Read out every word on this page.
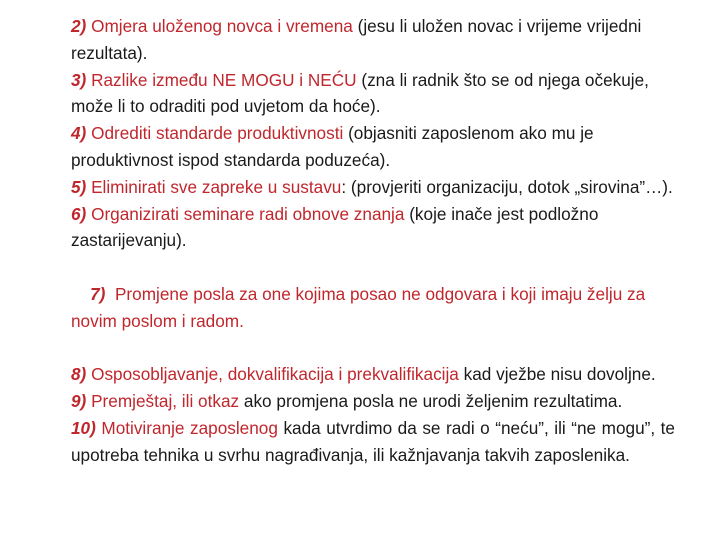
2) Omjera uloženog novca i vremena (jesu li uložen novac i vrijeme vrijedni rezultata).

3) Razlike između NE MOGU i NEĆU (zna li radnik što se od njega očekuje, može li to odraditi pod uvjetom da hoće).

4) Odrediti standarde produktivnosti (objasniti zaposlenom ako mu je produktivnost ispod standarda poduzeća).

5) Eliminirati sve zapreke u sustavu: (provjeriti organizaciju, dotok „sirovina”…).

6) Organizirati seminare radi obnove znanja (koje inače jest podložno zastarijevanju).

7)  Promjene posla za one kojima posao ne odgovara i koji imaju želju za novim poslom i radom.

8) Osposobljavanje, dokvalifikacija i prekvalifikacija kad vježbe nisu dovoljne.

9) Premještaj, ili otkaz ako promjena posla ne urodi željenim rezultatima.

10) Motiviranje zaposlenog kada utvrdimo da se radi o “neću”, ili “ne mogu”, te upotreba tehnika u svrhu nagrađivanja, ili kažnjavanja takvih zaposlenika.
